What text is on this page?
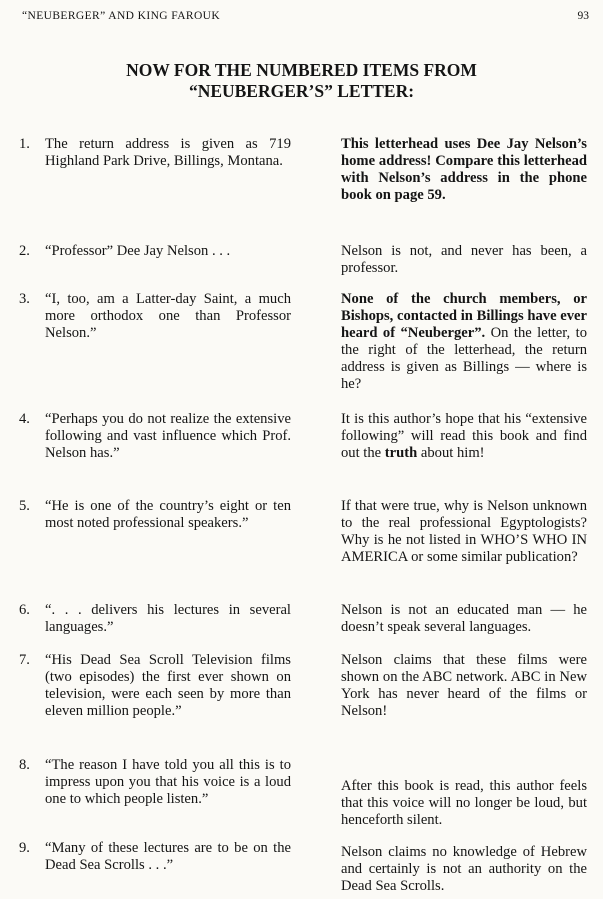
“NEUBERGER” AND KING FAROUK	93
NOW FOR THE NUMBERED ITEMS FROM
“NEUBERGER’S” LETTER:
1. The return address is given as 719 Highland Park Drive, Billings, Montana.
This letterhead uses Dee Jay Nelson’s home address! Compare this letterhead with Nelson’s address in the phone book on page 59.
2. “Professor” Dee Jay Nelson . . .	Nelson is not, and never has been, a professor.
3. “I, too, am a Latter-day Saint, a much more orthodox one than Professor Nelson.”
None of the church members, or Bishops, contacted in Billings have ever heard of “Neuberger”. On the letter, to the right of the letterhead, the return address is given as Billings — where is he?
4. “Perhaps you do not realize the extensive following and vast influence which Prof. Nelson has.”
It is this author’s hope that his “extensive following” will read this book and find out the truth about him!
5. “He is one of the country’s eight or ten most noted professional speakers.”
If that were true, why is Nelson unknown to the real professional Egyptologists? Why is he not listed in WHO’S WHO IN AMERICA or some similar publication?
6. “. . . delivers his lectures in several languages.”
Nelson is not an educated man — he doesn’t speak several languages.
7. “His Dead Sea Scroll Television films (two episodes) the first ever shown on television, were each seen by more than eleven million people.”
Nelson claims that these films were shown on the ABC network. ABC in New York has never heard of the films or Nelson!
8. “The reason I have told you all this is to impress upon you that his voice is a loud one to which people listen.”
After this book is read, this author feels that this voice will no longer be loud, but henceforth silent.
9. “Many of these lectures are to be on the Dead Sea Scrolls . . .”
Nelson claims no knowledge of Hebrew and certainly is not an authority on the Dead Sea Scrolls.
